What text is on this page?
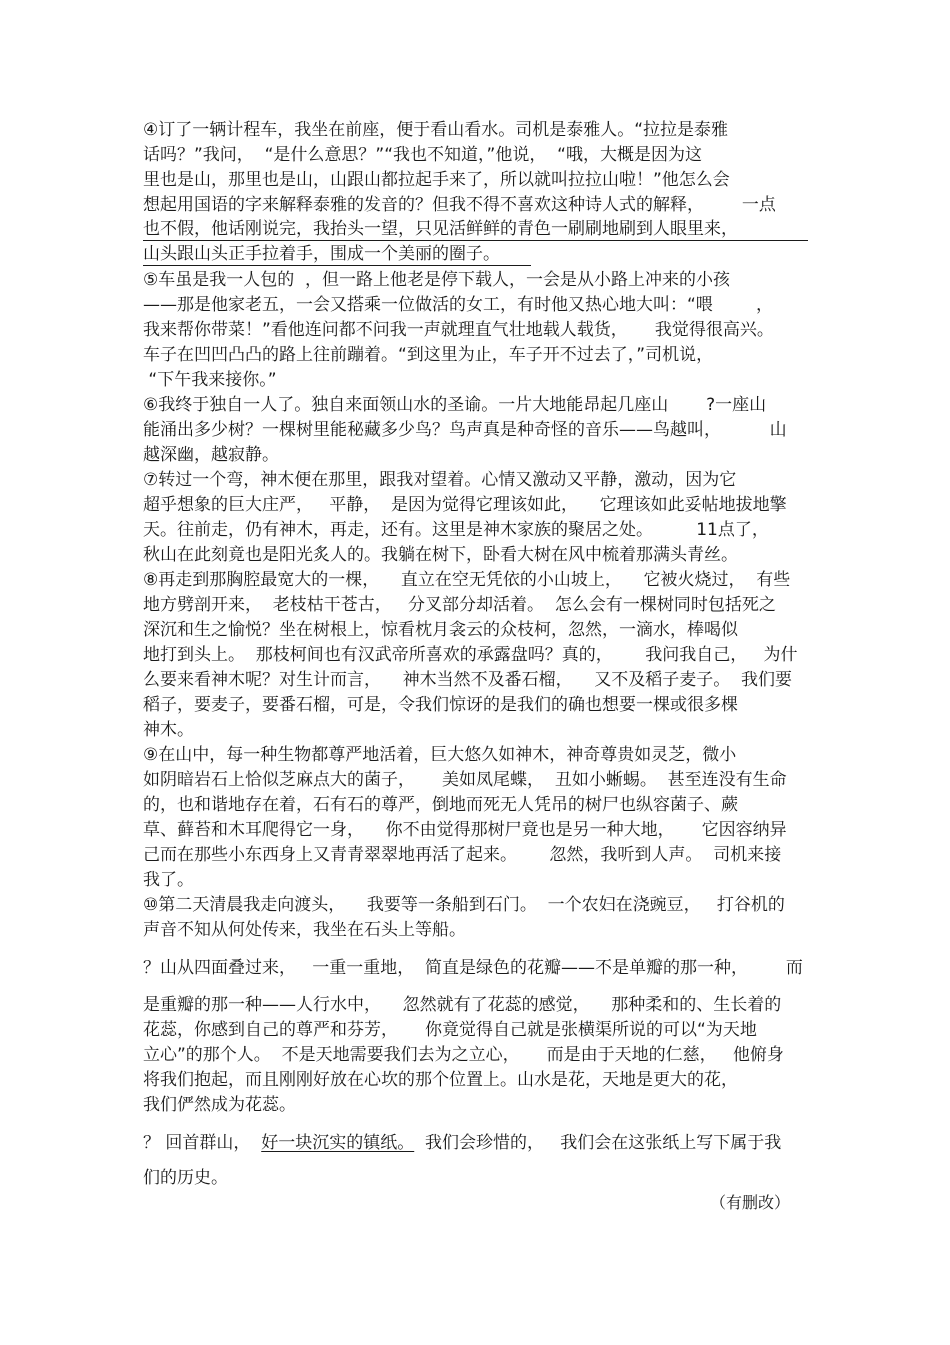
④订了一辆计程车，我坐在前座，便于看山看水。司机是泰雅人。“拉拉是泰雅
话吗？”我问，  “是什么意思？”“我也不知道，”他说，  “哦，大概是因为这
里也是山，那里也是山，山跟山都拉起手来了，所以就叫拉拉山啦！”他怎么会
想起用国语的字来解释泰雅的发音的？但我不得不喜欢这种诗人式的解释，       一点
也不假，他话刚说完，我抬头一望，只见活鲜鲜的青色一刷刷地刷到人眼里来，
山头跟山头正手拉着手，围成一个美丽的圈子。
⑤车虽是我一人包的  ，但一路上他老是停下载人，一会是从小路上冲来的小孩
——那是他家老五，一会又搭乘一位做活的女工，有时他又热心地大叫：“喂        ，
我来帮你带菜！”看他连问都不问我一声就理直气壮地载人载货，     我觉得很高兴。
车子在凹凹凸凸的路上往前蹦着。“到这里为止，车子开不过去了，”司机说，
“下午我来接你。”
⑥我终于独自一人了。独自来面领山水的圣谕。一片大地能昂起几座山       ?一座山
能涌出多少树？一棵树里能秘藏多少鸟？鸟声真是种奇怪的音乐——鸟越叫，         山
越深幽，越寂静。
⑦转过一个弯，神木便在那里，跟我对望着。心情又激动又平静，激动，因为它
超乎想象的巨大庄严，   平静，  是因为觉得它理该如此，    它理该如此妥帖地拔地擎
天。往前走，仍有神木，再走，还有。这里是神木家族的聚居之处。        11点了，
秋山在此刻竟也是阳光炙人的。我躺在树下，卧看大树在风中梳着那满头青丝。
⑧再走到那胸腔最宽大的一棵，    直立在空无凭依的小山坡上，    它被火烧过，  有些
地方劈剖开来，  老枝枯干苍古，   分叉部分却活着。  怎么会有一棵树同时包括死之
深沉和生之愉悦？坐在树根上，惊看枕月衾云的众枝柯，忽然，一滴水，棒喝似
地打到头上。  那枝柯间也有汉武帝所喜欢的承露盘吗？真的，      我问我自己，   为什
么要来看神木呢？对生计而言，    神木当然不及番石榴，    又不及稻子麦子。  我们要
稻子，要麦子，要番石榴，可是，令我们惊讶的是我们的确也想要一棵或很多棵
神木。
⑨在山中，每一种生物都尊严地活着，巨大悠久如神木，神奇尊贵如灵芝，微小
如阴暗岩石上恰似芝麻点大的菌子，     美如凤尾蝶，  丑如小蜥蜴。  甚至连没有生命
的，也和谐地存在着，石有石的尊严，倒地而死无人凭吊的树尸也纵容菌子、蕨
草、藓苔和木耳爬得它一身，    你不由觉得那树尸竟也是另一种大地，     它因容纳异
己而在那些小东西身上又青青翠翠地再活了起来。      忽然，我听到人声。  司机来接
我了。
⑩第二天清晨我走向渡头，    我要等一条船到石门。  一个农妇在浇豌豆，   打谷机的
声音不知从何处传来，我坐在石头上等船。
？山从四面叠过来，   一重一重地，  简直是绿色的花瓣——不是单瓣的那一种，       而
是重瓣的那一种——人行水中，    忽然就有了花蕊的感觉，    那种柔和的、生长着的
花蕊，你感到自己的尊严和芬芳，     你竟觉得自己就是张横渠所说的可以“为天地
立心”的那个人。  不是天地需要我们去为之立心，     而是由于天地的仁慈，   他俯身
将我们抱起，而且刚刚好放在心坎的那个位置上。山水是花，天地是更大的花，
我们俨然成为花蕊。
？ 回首群山，  好一块沉实的镇纸。  我们会珍惜的，   我们会在这张纸上写下属于我
们的历史。
（有删改）
